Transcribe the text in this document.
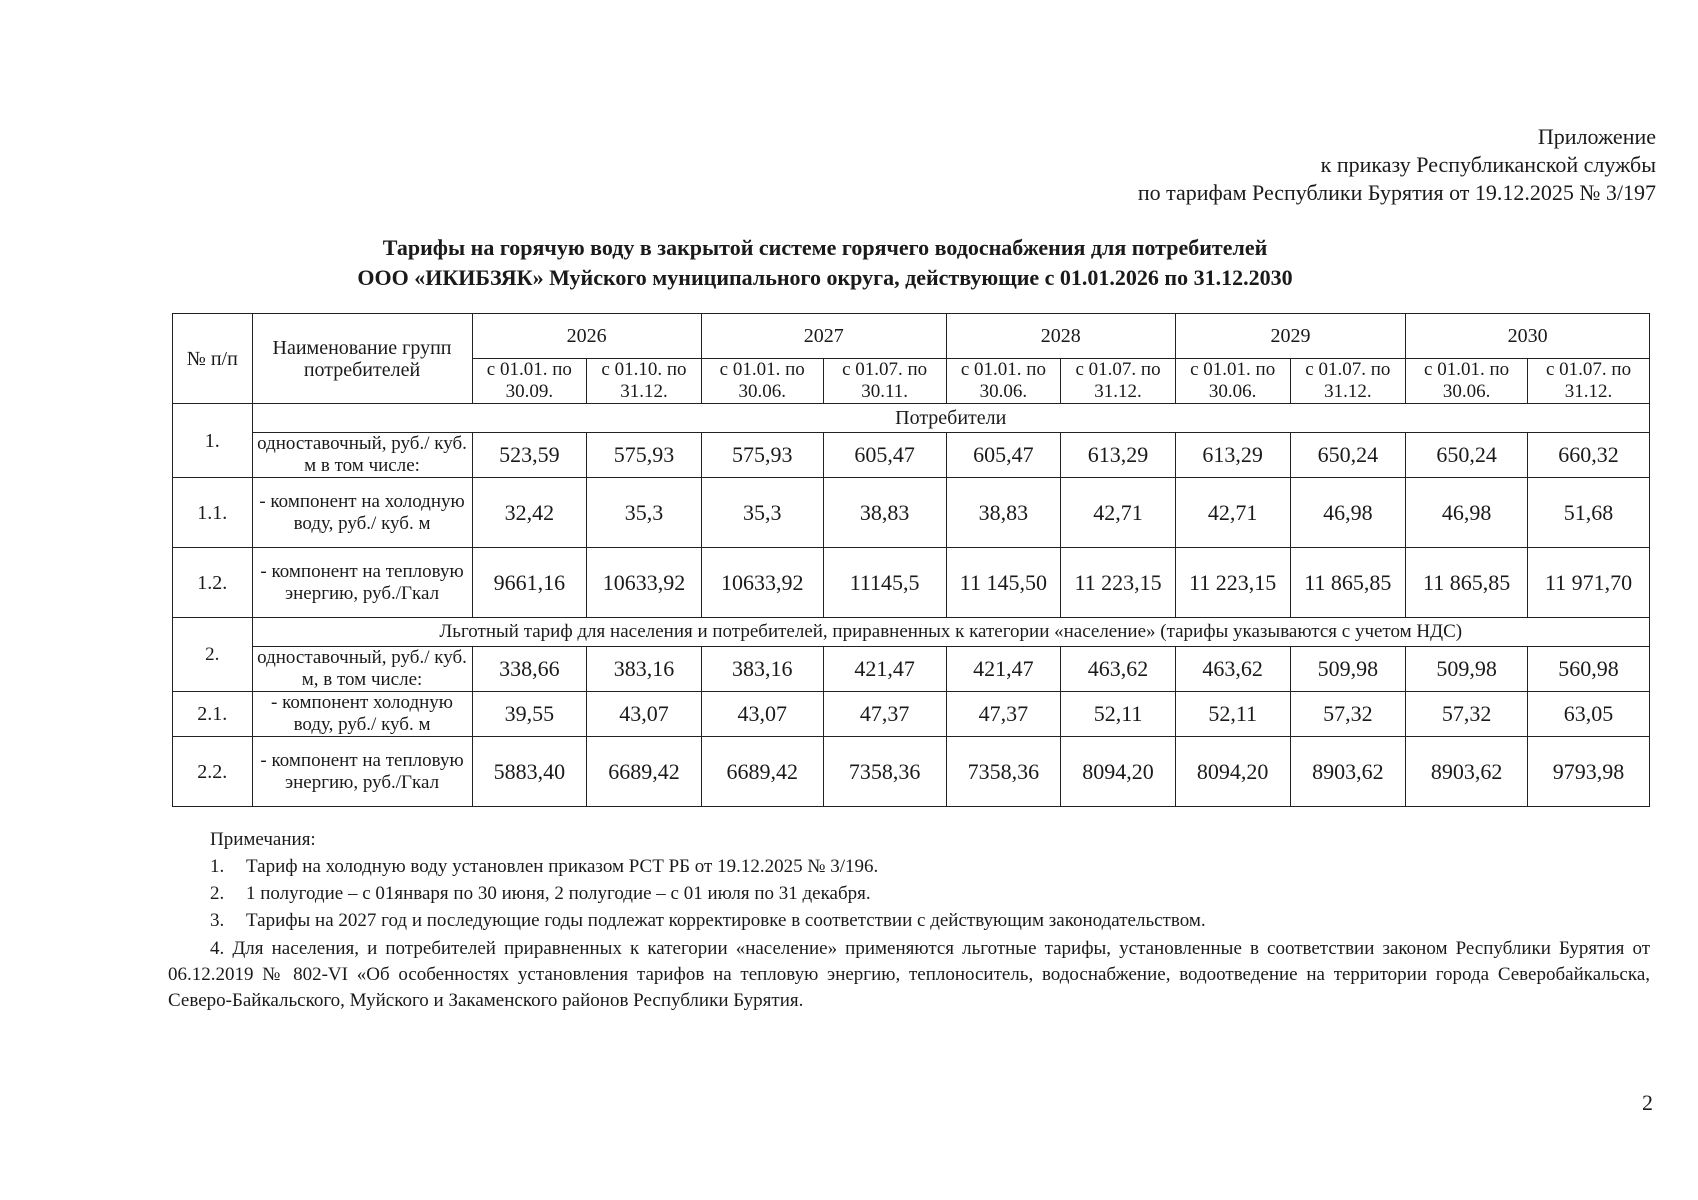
Приложение
к приказу Республиканской службы
по тарифам Республики Бурятия от 19.12.2025 № 3/197
Тарифы на горячую воду в закрытой системе горячего водоснабжения для потребителей
ООО «ИКИБЗЯК» Муйского муниципального округа, действующие с 01.01.2026 по 31.12.2030
№ п/п	Наименование групп потребителей	2026		2027		2028		2029		2030	
		с 01.01. по 30.09.	с 01.10. по 31.12.	с 01.01. по 30.06.	с 01.07. по 30.11.	с 01.01. по 30.06.	с 01.07. по 31.12.	с 01.01. по 30.06.	с 01.07. по 31.12.	с 01.01. по 30.06.	с 01.07. по 31.12.
1.	Потребители										
	одноставочный, руб./ куб. м в том числе:	523,59	575,93	575,93	605,47	605,47	613,29	613,29	650,24	650,24	660,32
1.1.	- компонент на холодную воду, руб./ куб. м	32,42	35,3	35,3	38,83	38,83	42,71	42,71	46,98	46,98	51,68
1.2.	- компонент на тепловую энергию, руб./Гкал	9661,16	10633,92	10633,92	11145,5	11 145,50	11 223,15	11 223,15	11 865,85	11 865,85	11 971,70
2.	Льготный тариф для населения и потребителей, приравненных к категории «население» (тарифы указываются с учетом НДС)										
	одноставочный, руб./ куб. м, в том числе:	338,66	383,16	383,16	421,47	421,47	463,62	463,62	509,98	509,98	560,98
2.1.	- компонент холодную воду, руб./ куб. м	39,55	43,07	43,07	47,37	47,37	52,11	52,11	57,32	57,32	63,05
2.2.	- компонент на тепловую энергию, руб./Гкал	5883,40	6689,42	6689,42	7358,36	7358,36	8094,20	8094,20	8903,62	8903,62	9793,98
Примечания:
1. Тариф на холодную воду установлен приказом РСТ РБ от 19.12.2025 № 3/196.
2. 1 полугодие – с 01января по 30 июня, 2 полугодие – с 01 июля по 31 декабря.
3. Тарифы на 2027 год и последующие годы подлежат корректировке в соответствии с действующим законодательством.
4. Для населения, и потребителей приравненных к категории «население» применяются льготные тарифы, установленные в соответствии законом Республики Бурятия от 06.12.2019 № 802-VI «Об особенностях установления тарифов на тепловую энергию, теплоноситель, водоснабжение, водоотведение на территории города Северобайкальска, Северо-Байкальского, Муйского и Закаменского районов Республики Бурятия.
2
